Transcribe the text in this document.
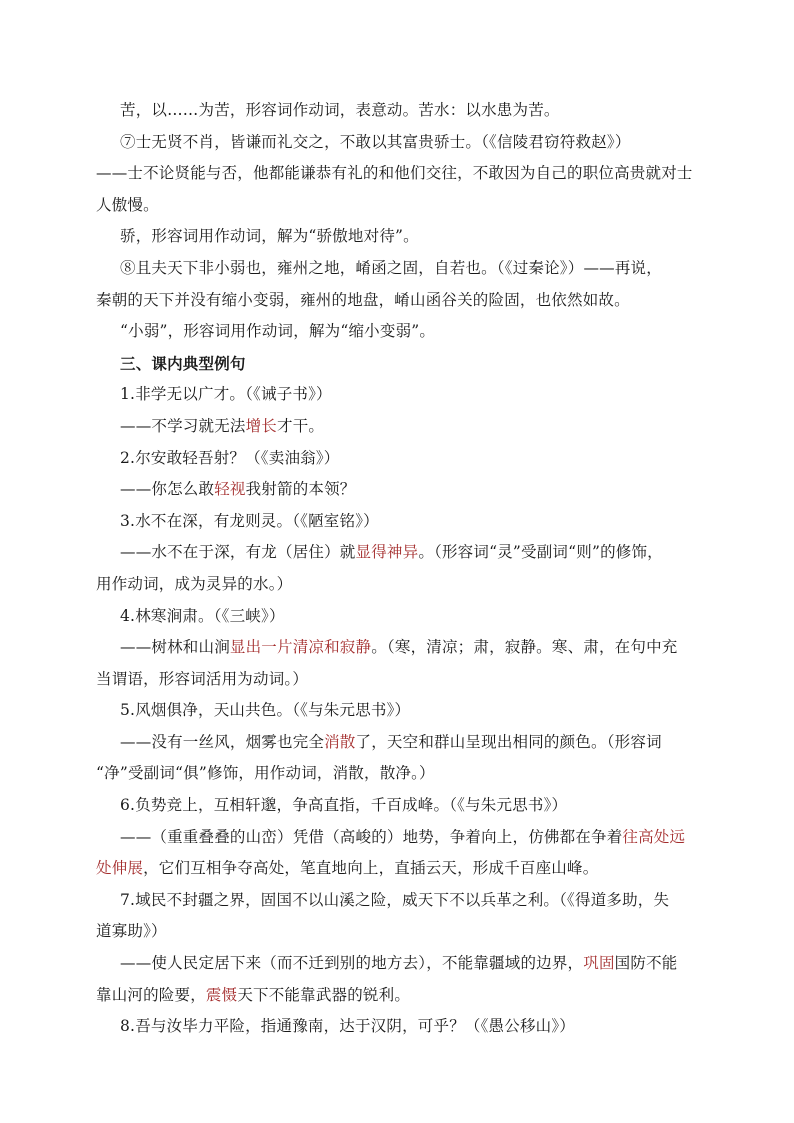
苦，以……为苦，形容词作动词，表意动。苦水：以水患为苦。

⑦士无贤不肖，皆谦而礼交之，不敢以其富贵骄士。（《信陵君窃符救赵》）

——士不论贤能与否，他都能谦恭有礼的和他们交往，不敢因为自己的职位高贵就对士

人傲慢。

骄，形容词用作动词，解为“骄傲地对待”。

⑧且夫天下非小弱也，雍州之地，崤函之固，自若也。（《过秦论》）——再说，

秦朝的天下并没有缩小变弱，雍州的地盘，崤山函谷关的险固，也依然如故。

“小弱”，形容词用作动词，解为“缩小变弱”。

三、课内典型例句

1.非学无以广才。（《诫子书》）

——不学习就无法增长才干。

2.尔安敢轻吾射？（《卖油翁》）

——你怎么敢轻视我射箭的本领？

3.水不在深，有龙则灵。（《陋室铭》）

——水不在于深，有龙（居住）就显得神异。（形容词“灵”受副词“则”的修饰，

用作动词，成为灵异的水。）

4.林寒涧肃。（《三峡》）

——树林和山涧显出一片清凉和寂静。（寒，清凉；肃，寂静。寒、肃，在句中充

当谓语，形容词活用为动词。）

5.风烟俱净，天山共色。（《与朱元思书》）

——没有一丝风，烟雾也完全消散了，天空和群山呈现出相同的颜色。（形容词

“净”受副词“俱”修饰，用作动词，消散，散净。）

6.负势竞上，互相轩邈，争高直指，千百成峰。（《与朱元思书》）

——（重重叠叠的山峦）凭借（高峻的）地势，争着向上，仿佛都在争着往高处远

处伸展，它们互相争夺高处，笔直地向上，直插云天，形成千百座山峰。

7.域民不封疆之界，固国不以山溪之险，威天下不以兵革之利。（《得道多助，失

道寡助》）

——使人民定居下来（而不迁到别的地方去），不能靠疆域的边界，巩固国防不能

靠山河的险要，震慑天下不能靠武器的锐利。

8.吾与汝毕力平险，指通豫南，达于汉阴，可乎？（《愚公移山》）
